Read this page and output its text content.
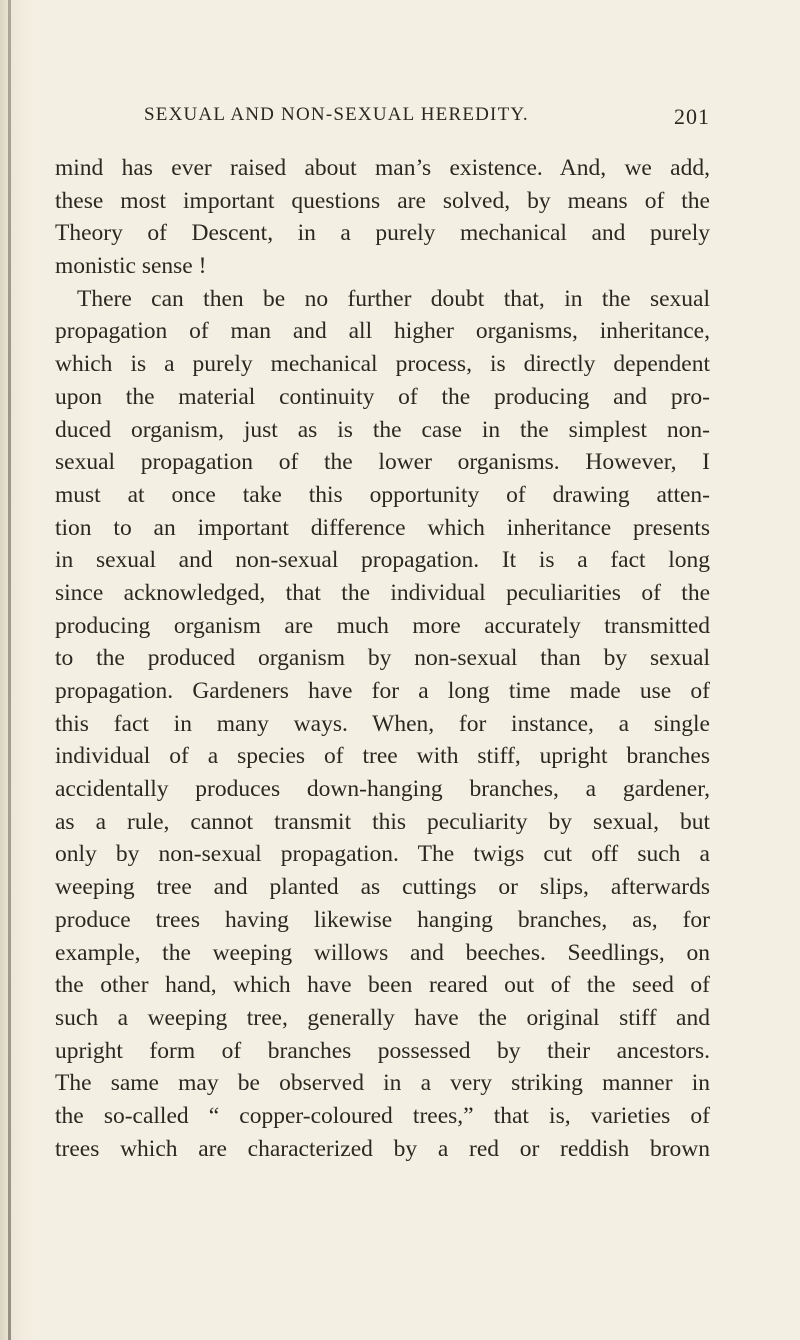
SEXUAL AND NON-SEXUAL HEREDITY.	201
mind has ever raised about man’s existence. And, we add,
these most important questions are solved, by means of the
Theory of Descent, in a purely mechanical and purely
monistic sense !
There can then be no further doubt that, in the sexual
propagation of man and all higher organisms, inheritance,
which is a purely mechanical process, is directly dependent
upon the material continuity of the producing and pro-
duced organism, just as is the case in the simplest non-
sexual propagation of the lower organisms. However, I
must at once take this opportunity of drawing atten-
tion to an important difference which inheritance presents
in sexual and non-sexual propagation. It is a fact long
since acknowledged, that the individual peculiarities of the
producing organism are much more accurately transmitted
to the produced organism by non-sexual than by sexual
propagation. Gardeners have for a long time made use of
this fact in many ways. When, for instance, a single
individual of a species of tree with stiff, upright branches
accidentally produces down-hanging branches, a gardener,
as a rule, cannot transmit this peculiarity by sexual, but
only by non-sexual propagation. The twigs cut off such a
weeping tree and planted as cuttings or slips, afterwards
produce trees having likewise hanging branches, as, for
example, the weeping willows and beeches. Seedlings, on
the other hand, which have been reared out of the seed of
such a weeping tree, generally have the original stiff and
upright form of branches possessed by their ancestors.
The same may be observed in a very striking manner in
the so-called “ copper-coloured trees,” that is, varieties of
trees which are characterized by a red or reddish brown
